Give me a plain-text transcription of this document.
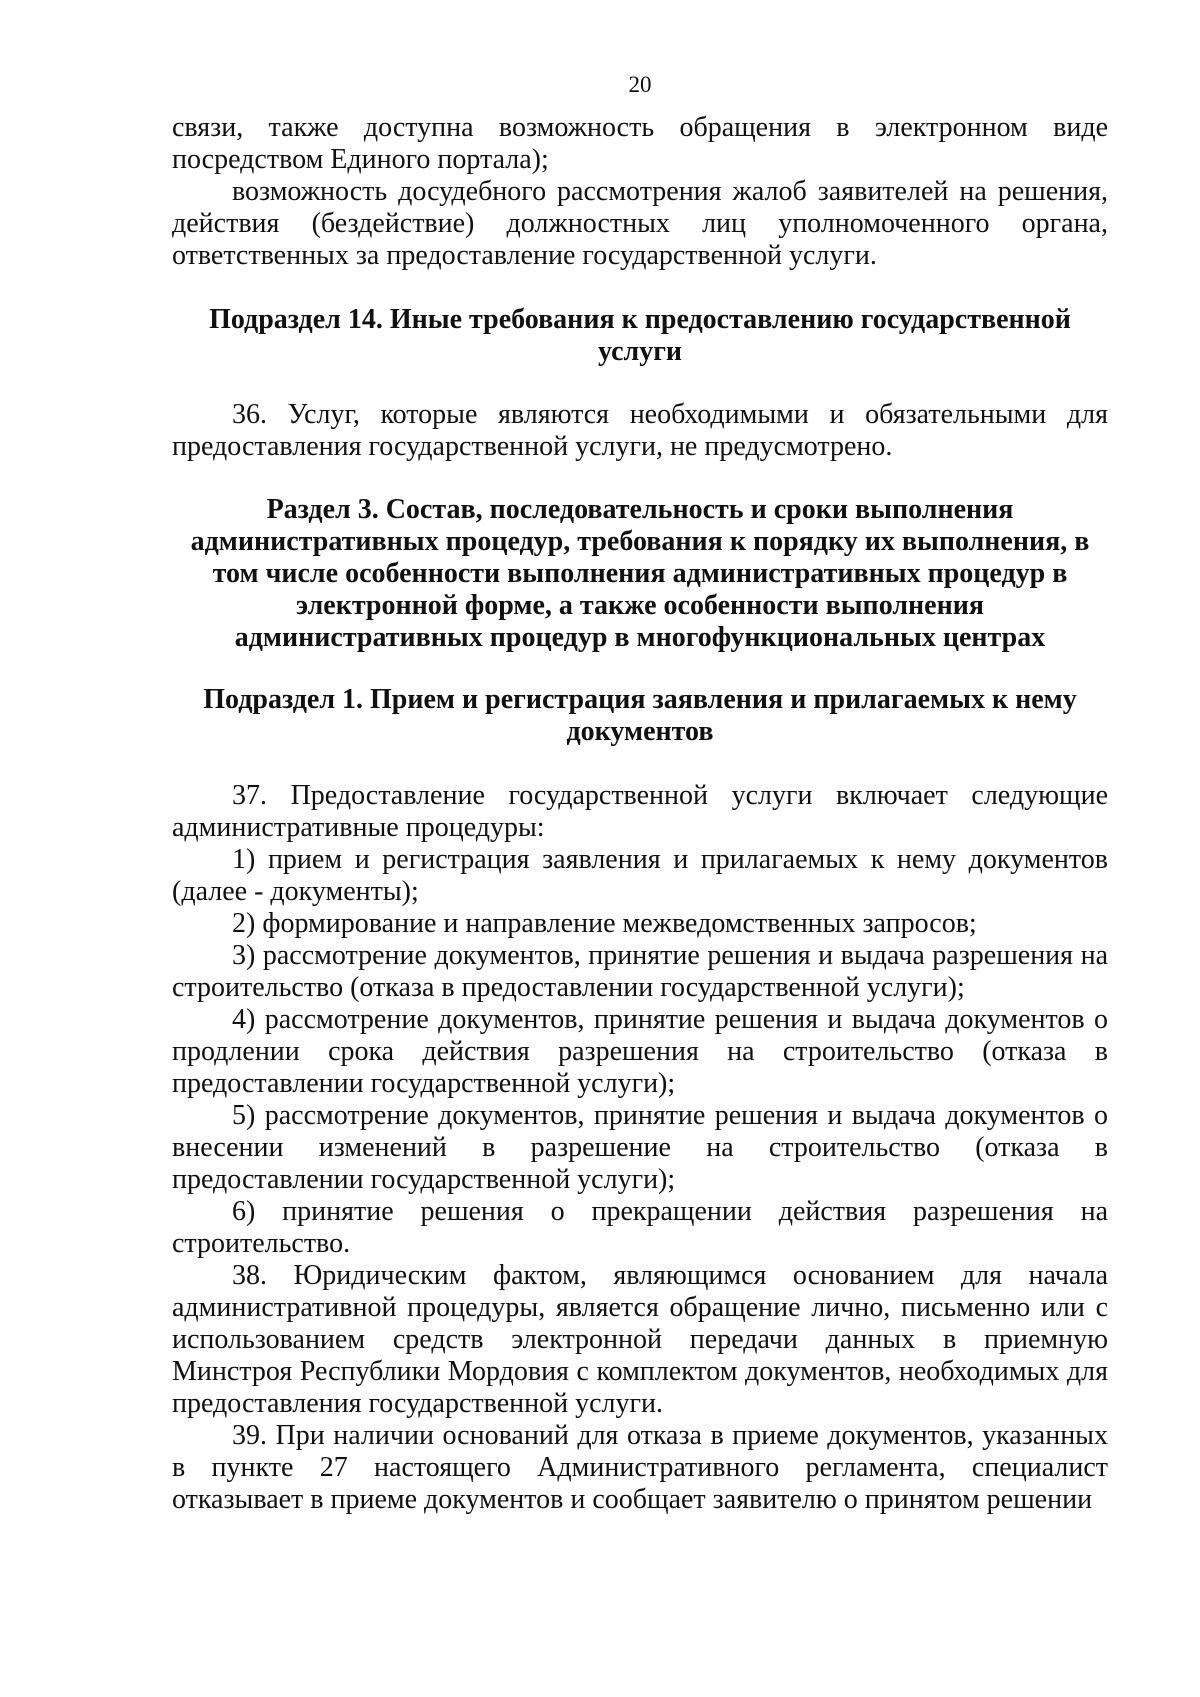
20

связи, также доступна возможность обращения в электронном виде посредством Единого портала);

возможность досудебного рассмотрения жалоб заявителей на решения, действия (бездействие) должностных лиц уполномоченного органа, ответственных за предоставление государственной услуги.

Подраздел 14. Иные требования к предоставлению государственной услуги

36. Услуг, которые являются необходимыми и обязательными для предоставления государственной услуги, не предусмотрено.

Раздел 3. Состав, последовательность и сроки выполнения административных процедур, требования к порядку их выполнения, в том числе особенности выполнения административных процедур в электронной форме, а также особенности выполнения административных процедур в многофункциональных центрах
Подраздел 1. Прием и регистрация заявления и прилагаемых к нему документов

37. Предоставление государственной услуги включает следующие административные процедуры:

1) прием и регистрация заявления и прилагаемых к нему документов (далее - документы);

2) формирование и направление межведомственных запросов;

3) рассмотрение документов, принятие решения и выдача разрешения на строительство (отказа в предоставлении государственной услуги);

4) рассмотрение документов, принятие решения и выдача документов о продлении срока действия разрешения на строительство (отказа в предоставлении государственной услуги);

5) рассмотрение документов, принятие решения и выдача документов о внесении изменений в разрешение на строительство (отказа в предоставлении государственной услуги);

6) принятие решения о прекращении действия разрешения на строительство.

38. Юридическим фактом, являющимся основанием для начала административной процедуры, является обращение лично, письменно или с использованием средств электронной передачи данных в приемную Минстроя Республики Мордовия с комплектом документов, необходимых для предоставления государственной услуги.

39. При наличии оснований для отказа в приеме документов, указанных в пункте 27 настоящего Административного регламента, специалист отказывает в приеме документов и сообщает заявителю о принятом решении
